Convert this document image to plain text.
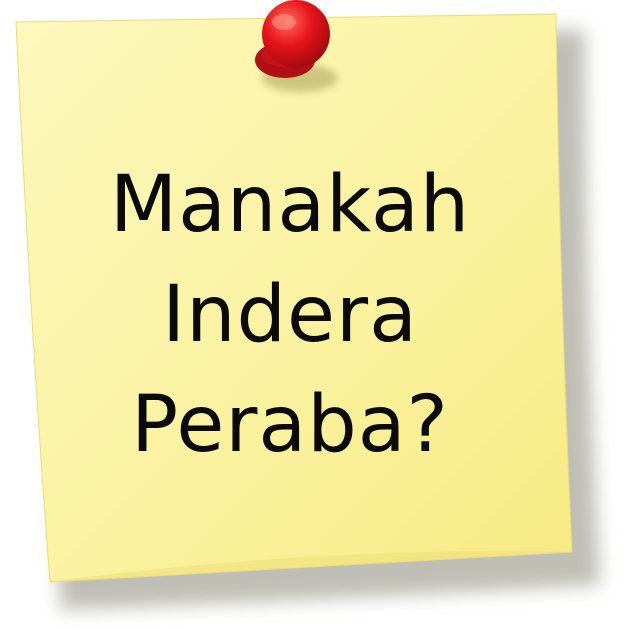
Manakah
Indera
Peraba?
